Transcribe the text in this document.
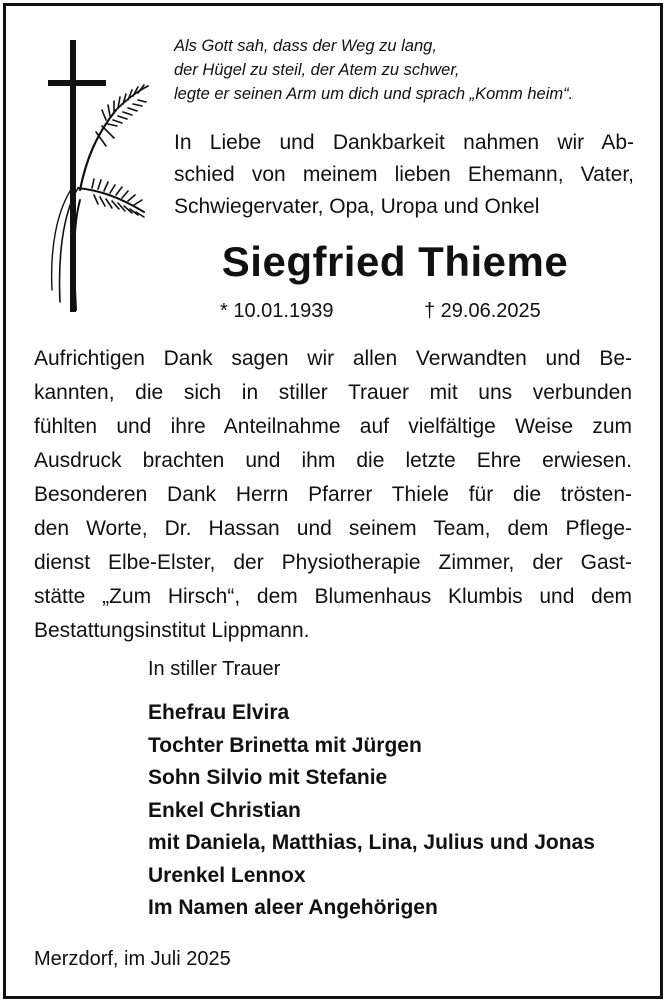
Als Gott sah, dass der Weg zu lang,
der Hügel zu steil, der Atem zu schwer,
legte er seinen Arm um dich und sprach „Komm heim“.
In Liebe und Dankbarkeit nahmen wir Ab-
schied von meinem lieben Ehemann, Vater,
Schwiegervater, Opa, Uropa und Onkel
Siegfried Thieme
* 10.01.1939	† 29.06.2025
Aufrichtigen Dank sagen wir allen Verwandten und Be-
kannten, die sich in stiller Trauer mit uns verbunden
fühlten und ihre Anteilnahme auf vielfältige Weise zum
Ausdruck brachten und ihm die letzte Ehre erwiesen.
Besonderen Dank Herrn Pfarrer Thiele für die trösten-
den Worte, Dr. Hassan und seinem Team, dem Pflege-
dienst Elbe-Elster, der Physiotherapie Zimmer, der Gast-
stätte „Zum Hirsch“, dem Blumenhaus Klumbis und dem
Bestattungsinstitut Lippmann.
In stiller Trauer
Ehefrau Elvira
Tochter Brinetta mit Jürgen
Sohn Silvio mit Stefanie
Enkel Christian
mit Daniela, Matthias, Lina, Julius und Jonas
Urenkel Lennox
Im Namen aleer Angehörigen
Merzdorf, im Juli 2025
